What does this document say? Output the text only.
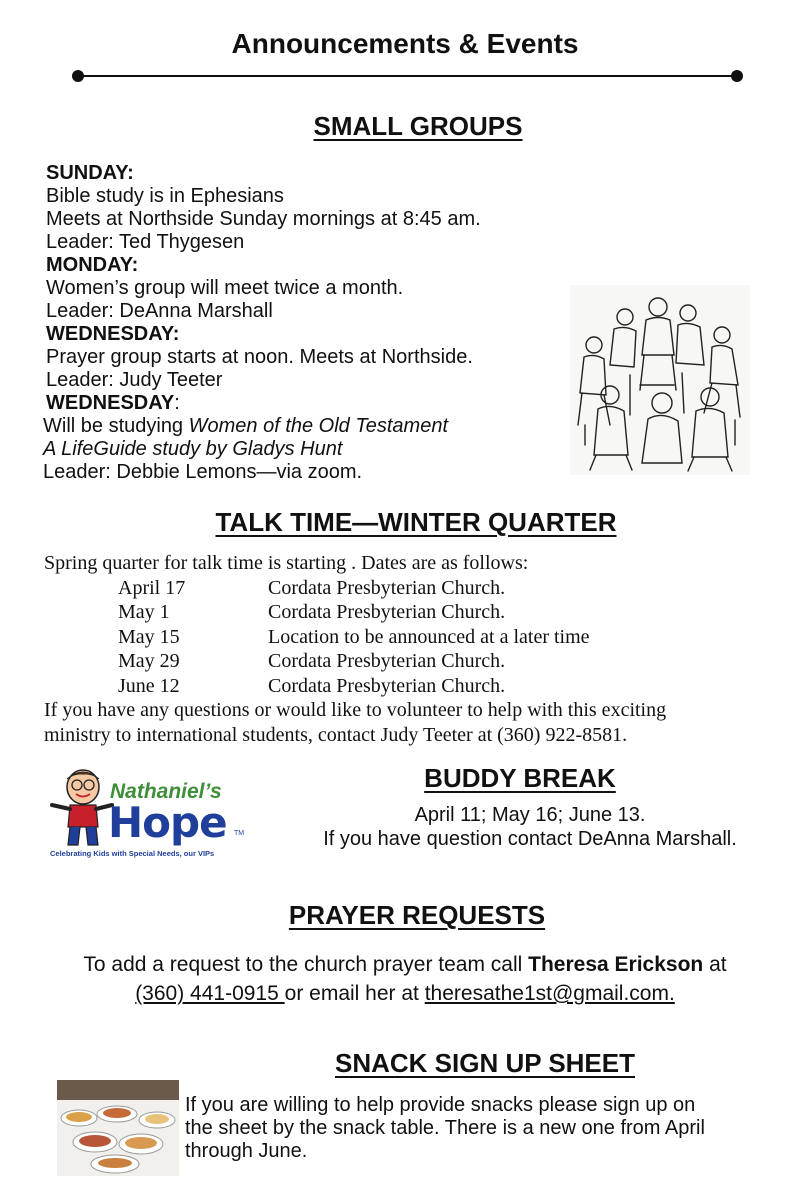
Announcements & Events
SMALL GROUPS
SUNDAY:
Bible study is in Ephesians
Meets at Northside Sunday mornings at 8:45 am.
Leader: Ted Thygesen
MONDAY:
Women’s group will meet twice a month.
Leader: DeAnna Marshall
WEDNESDAY:
Prayer group starts at noon. Meets at Northside.
Leader: Judy Teeter
WEDNESDAY:
Will be studying Women of the Old Testament
A LifeGuide study by Gladys Hunt
Leader: Debbie Lemons—via zoom.
TALK TIME—WINTER QUARTER
Spring quarter for talk time is starting . Dates are as follows:
April 17	Cordata Presbyterian Church.
May 1	Cordata Presbyterian Church.
May 15	Location to be announced at a later time
May 29	Cordata Presbyterian Church.
June 12	Cordata Presbyterian Church.
If you have any questions or would like to volunteer to help with this exciting
ministry to international students, contact Judy Teeter at (360) 922-8581.
Nathaniel’s
Hope TM
Celebrating Kids with Special Needs, our VIPs
BUDDY BREAK
April 11; May 16; June 13.
If you have question contact DeAnna Marshall.
PRAYER REQUESTS
To add a request to the church prayer team call Theresa Erickson at
(360) 441-0915 or email her at theresathe1st@gmail.com.
SNACK SIGN UP SHEET
If you are willing to help provide snacks please sign up on
the sheet by the snack table. There is a new one from April
through June.
